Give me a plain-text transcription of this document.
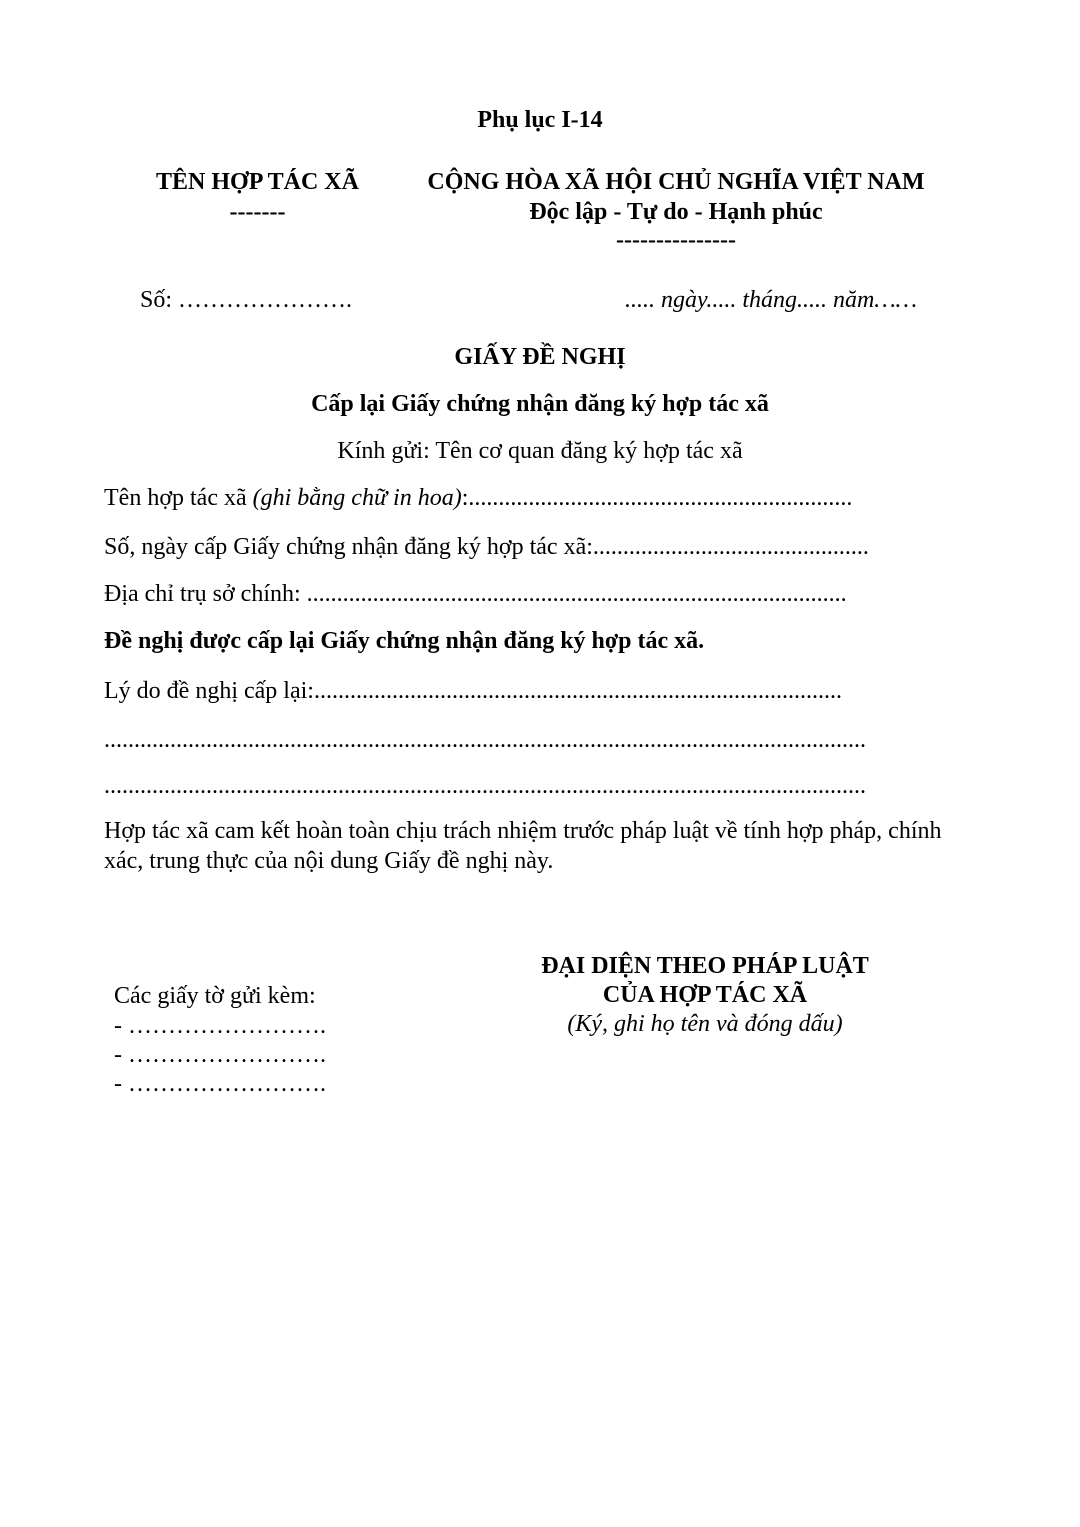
Phụ lục I-14
TÊN HỢP TÁC XÃ
-------
CỘNG HÒA XÃ HỘI CHỦ NGHĨA VIỆT NAM
Độc lập - Tự do - Hạnh phúc
---------------
Số: ………………….	..... ngày..... tháng..... năm……
GIẤY ĐỀ NGHỊ
Cấp lại Giấy chứng nhận đăng ký hợp tác xã
Kính gửi: Tên cơ quan đăng ký hợp tác xã
Tên hợp tác xã (ghi bằng chữ in hoa):................................................................
Số, ngày cấp Giấy chứng nhận đăng ký hợp tác xã:..............................................
Địa chỉ trụ sở chính: ..........................................................................................
Đề nghị được cấp lại Giấy chứng nhận đăng ký hợp tác xã.
Lý do đề nghị cấp lại:........................................................................................
...............................................................................................................................
...............................................................................................................................
Hợp tác xã cam kết hoàn toàn chịu trách nhiệm trước pháp luật về tính hợp pháp, chính xác, trung thực của nội dung Giấy đề nghị này.
Các giấy tờ gửi kèm:
- …………………….
- …………………….
- …………………….
ĐẠI DIỆN THEO PHÁP LUẬT
CỦA HỢP TÁC XÃ
(Ký, ghi họ tên và đóng dấu)
